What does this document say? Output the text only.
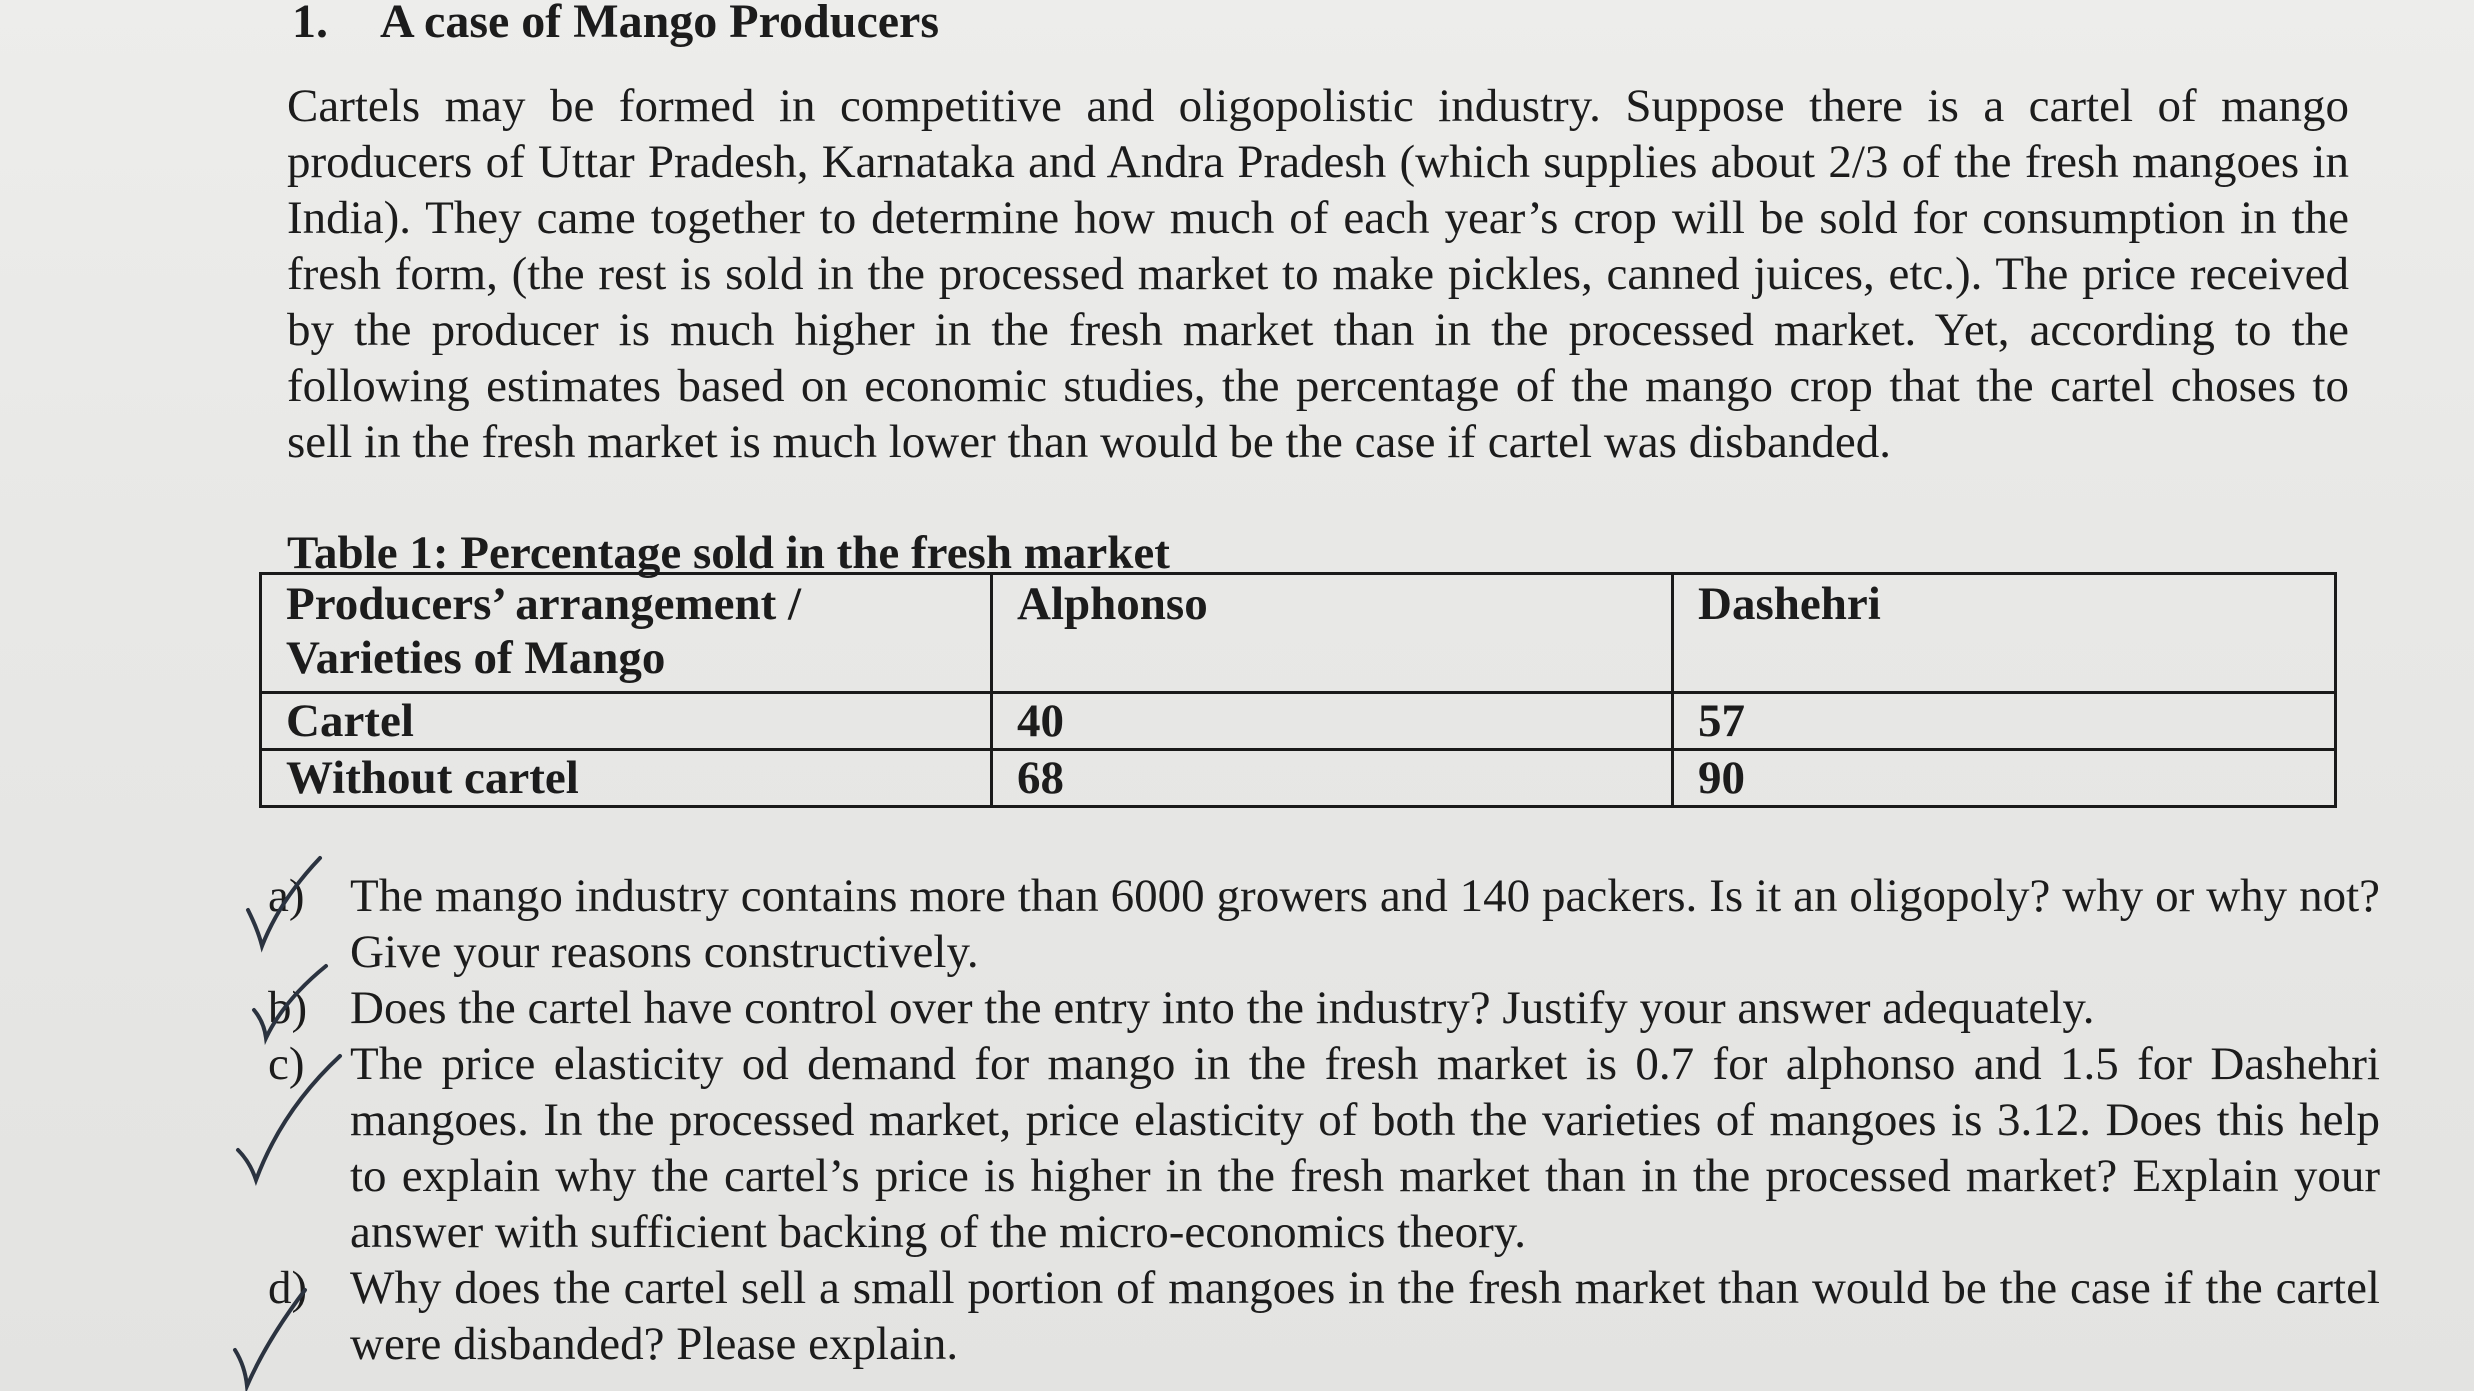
1. A case of Mango Producers
Cartels may be formed in competitive and oligopolistic industry. Suppose there is a cartel of mango producers of Uttar Pradesh, Karnataka and Andra Pradesh (which supplies about 2/3 of the fresh mangoes in India). They came together to determine how much of each year’s crop will be sold for consumption in the fresh form, (the rest is sold in the processed market to make pickles, canned juices, etc.). The price received by the producer is much higher in the fresh market than in the processed market. Yet, according to the following estimates based on economic studies, the percentage of the mango crop that the cartel choses to sell in the fresh market is much lower than would be the case if cartel was disbanded.
Table 1: Percentage sold in the fresh market
Producers’ arrangement /
Varieties of Mango	Alphonso	Dashehri
Cartel	40	57
Without cartel	68	90
a) The mango industry contains more than 6000 growers and 140 packers. Is it an oligopoly? why or why not? Give your reasons constructively.
b) Does the cartel have control over the entry into the industry? Justify your answer adequately.
c) The price elasticity od demand for mango in the fresh market is 0.7 for alphonso and 1.5 for Dashehri mangoes. In the processed market, price elasticity of both the varieties of mangoes is 3.12. Does this help to explain why the cartel’s price is higher in the fresh market than in the processed market? Explain your answer with sufficient backing of the micro-economics theory.
d) Why does the cartel sell a small portion of mangoes in the fresh market than would be the case if the cartel were disbanded? Please explain.
